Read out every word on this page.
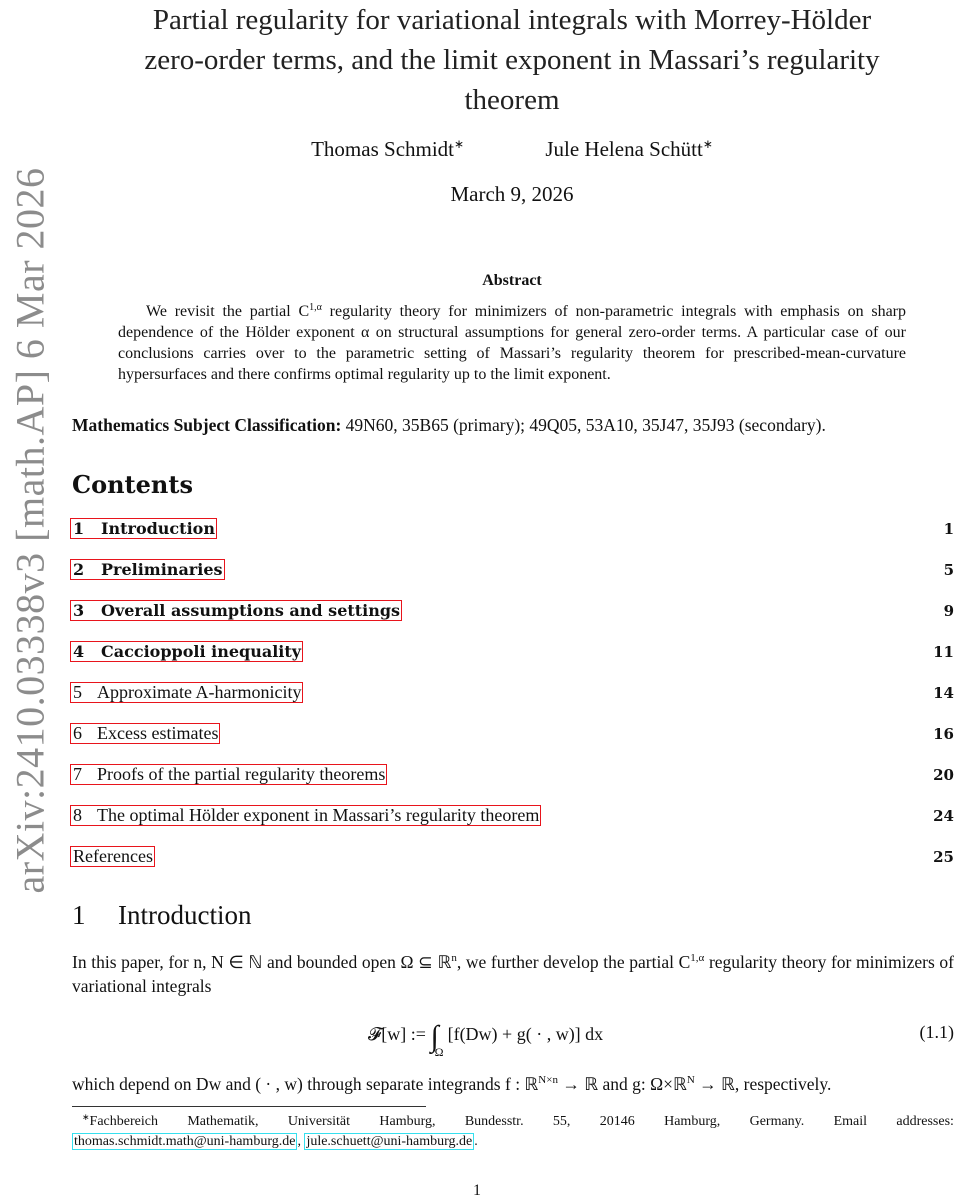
arXiv:2410.03338v3 [math.AP] 6 Mar 2026
Partial regularity for variational integrals with Morrey-Hölder
zero-order terms, and the limit exponent in Massari’s regularity
theorem
Thomas Schmidt∗	Jule Helena Schütt∗
March 9, 2026
Abstract
We revisit the partial $C^{1,\alpha}$ regularity theory for minimizers of non-parametric integrals with emphasis on sharp dependence of the Hölder exponent α on structural assumptions for general zero-order terms. A particular case of our conclusions carries over to the parametric setting of Massari’s regularity theorem for prescribed-mean-curvature hypersurfaces and there confirms optimal regularity up to the limit exponent.
Mathematics Subject Classification: 49N60, 35B65 (primary); 49Q05, 53A10, 35J47, 35J93 (secondary).
Contents
1 Introduction	1
2 Preliminaries	5
3 Overall assumptions and settings	9
4 Caccioppoli inequality	11
5 Approximate A-harmonicity	14
6 Excess estimates	16
7 Proofs of the partial regularity theorems	20
8 The optimal Hölder exponent in Massari’s regularity theorem	24
References	25
1 Introduction
In this paper, for n, N ∈ ℕ and bounded open Ω ⊆ ℝ$^n$, we further develop the partial $C^{1,\alpha}$ regularity theory for minimizers of variational integrals
𝓕[w] := $\int_\Omega[f(Dw) + g$( · , w)] dx	(1.1)
which depend on Dw and ( · , w) through separate integrands f : ℝ$^{N\times n}$ → ℝ and g: Ω×ℝ$^N$ → ℝ, respectively.
∗Fachbereich Mathematik, Universität Hamburg, Bundesstr. 55, 20146 Hamburg, Germany. Email addresses:
thomas.schmidt.math@uni-hamburg.de , jule.schuett@uni-hamburg.de .
1
